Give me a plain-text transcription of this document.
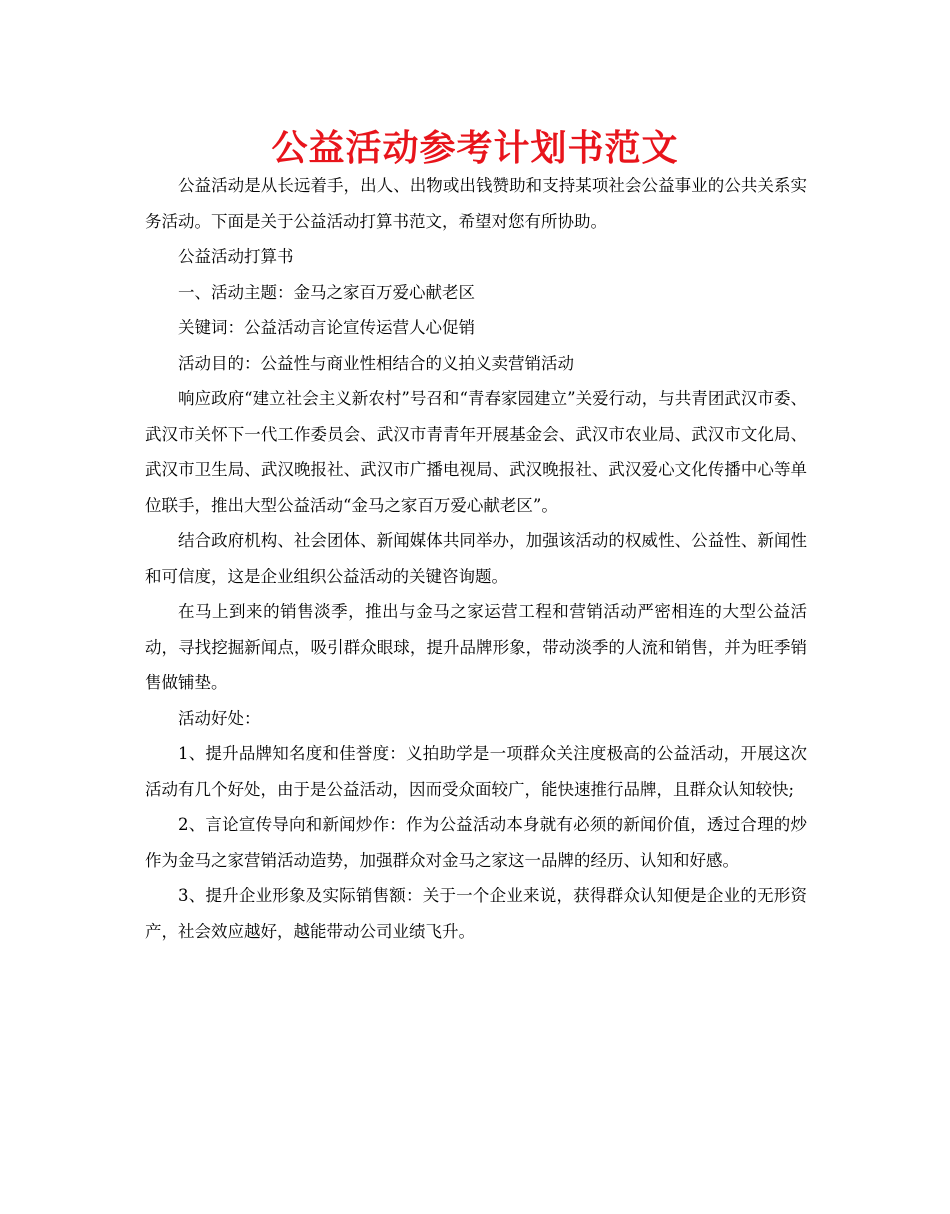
公益活动参考计划书范文

公益活动是从长远着手，出人、出物或出钱赞助和支持某项社会公益事业的公共关系实务活动。下面是关于公益活动打算书范文，希望对您有所协助。

公益活动打算书

一、活动主题：金马之家百万爱心献老区

关键词：公益活动言论宣传运营人心促销

活动目的：公益性与商业性相结合的义拍义卖营销活动

响应政府“建立社会主义新农村”号召和“青春家园建立”关爱行动，与共青团武汉市委、武汉市关怀下一代工作委员会、武汉市青青年开展基金会、武汉市农业局、武汉市文化局、武汉市卫生局、武汉晚报社、武汉市广播电视局、武汉晚报社、武汉爱心文化传播中心等单位联手，推出大型公益活动“金马之家百万爱心献老区”。

结合政府机构、社会团体、新闻媒体共同举办，加强该活动的权威性、公益性、新闻性和可信度，这是企业组织公益活动的关键咨询题。

在马上到来的销售淡季，推出与金马之家运营工程和营销活动严密相连的大型公益活动，寻找挖掘新闻点，吸引群众眼球，提升品牌形象，带动淡季的人流和销售，并为旺季销售做铺垫。

活动好处：

1、提升品牌知名度和佳誉度：义拍助学是一项群众关注度极高的公益活动，开展这次活动有几个好处，由于是公益活动，因而受众面较广，能快速推行品牌，且群众认知较快;

2、言论宣传导向和新闻炒作：作为公益活动本身就有必须的新闻价值，透过合理的炒作为金马之家营销活动造势，加强群众对金马之家这一品牌的经历、认知和好感。

3、提升企业形象及实际销售额：关于一个企业来说，获得群众认知便是企业的无形资产，社会效应越好，越能带动公司业绩飞升。
